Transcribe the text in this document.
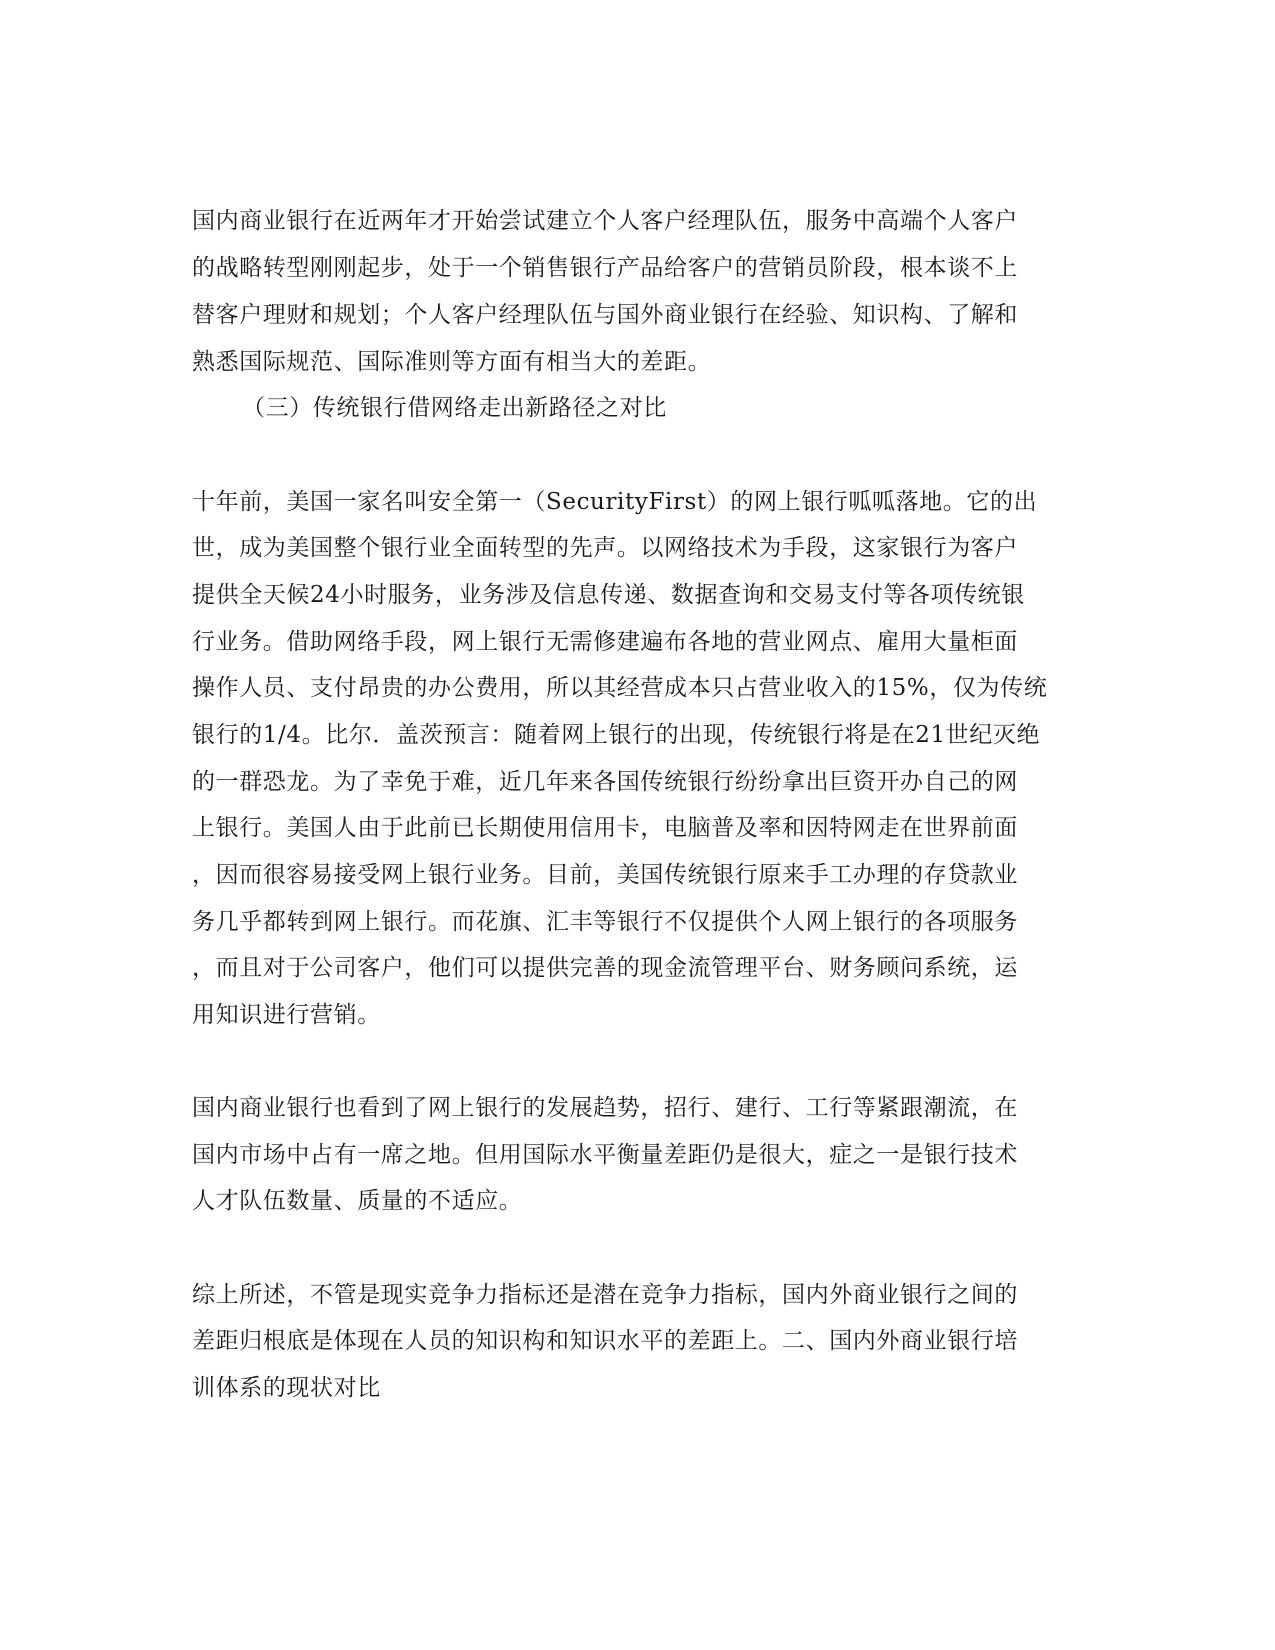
国内商业银行在近两年才开始尝试建立个人客户经理队伍，服务中高端个人客户
的战略转型刚刚起步，处于一个销售银行产品给客户的营销员阶段，根本谈不上
替客户理财和规划；个人客户经理队伍与国外商业银行在经验、知识构、了解和
熟悉国际规范、国际准则等方面有相当大的差距。
（三）传统银行借网络走出新路径之对比
十年前，美国一家名叫安全第一（SecurityFirst）的网上银行呱呱落地。它的出
世，成为美国整个银行业全面转型的先声。以网络技术为手段，这家银行为客户
提供全天候24小时服务，业务涉及信息传递、数据查询和交易支付等各项传统银
行业务。借助网络手段，网上银行无需修建遍布各地的营业网点、雇用大量柜面
操作人员、支付昂贵的办公费用，所以其经营成本只占营业收入的15%，仅为传统
银行的1/4。比尔．盖茨预言：随着网上银行的出现，传统银行将是在21世纪灭绝
的一群恐龙。为了幸免于难，近几年来各国传统银行纷纷拿出巨资开办自己的网
上银行。美国人由于此前已长期使用信用卡，电脑普及率和因特网走在世界前面
，因而很容易接受网上银行业务。目前，美国传统银行原来手工办理的存贷款业
务几乎都转到网上银行。而花旗、汇丰等银行不仅提供个人网上银行的各项服务
，而且对于公司客户，他们可以提供完善的现金流管理平台、财务顾问系统，运
用知识进行营销。
国内商业银行也看到了网上银行的发展趋势，招行、建行、工行等紧跟潮流，在
国内市场中占有一席之地。但用国际水平衡量差距仍是很大，症之一是银行技术
人才队伍数量、质量的不适应。
综上所述，不管是现实竞争力指标还是潜在竞争力指标，国内外商业银行之间的
差距归根底是体现在人员的知识构和知识水平的差距上。二、国内外商业银行培
训体系的现状对比
